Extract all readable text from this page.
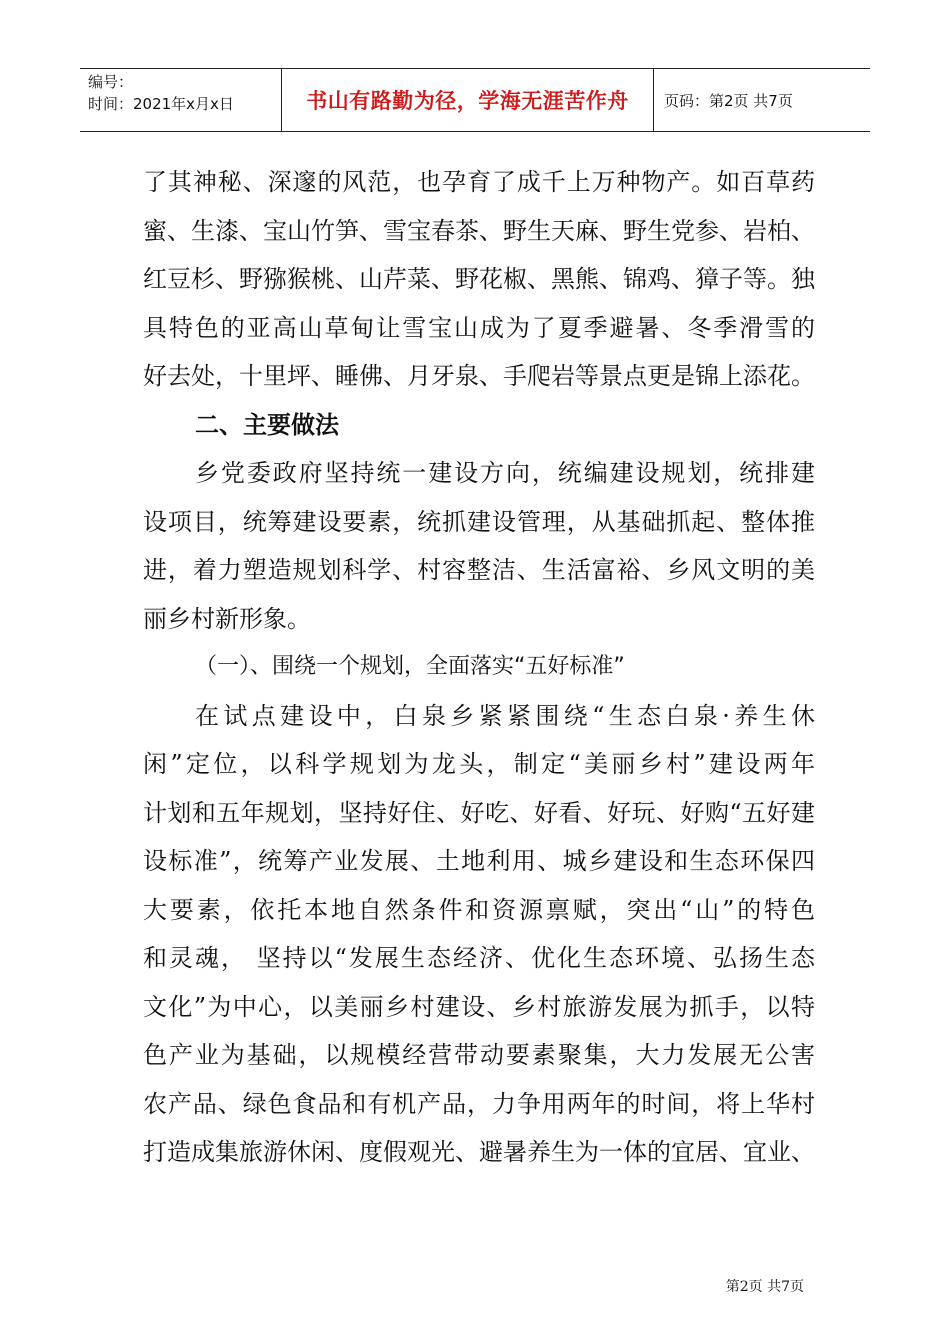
编号：
时间：2021年x月x日	书山有路勤为径，学海无涯苦作舟 页码：第2页 共7页
了其神秘、深邃的风范，也孕育了成千上万种物产。如百草药
蜜、生漆、宝山竹笋、雪宝春茶、野生天麻、野生党参、岩柏、
红豆杉、野猕猴桃、山芹菜、野花椒、黑熊、锦鸡、獐子等。独
具特色的亚高山草甸让雪宝山成为了夏季避暑、冬季滑雪的
好去处，十里坪、睡佛、月牙泉、手爬岩等景点更是锦上添花。
二、主要做法
乡党委政府坚持统一建设方向，统编建设规划，统排建
设项目，统筹建设要素，统抓建设管理，从基础抓起、整体推
进，着力塑造规划科学、村容整洁、生活富裕、乡风文明的美
丽乡村新形象。
（一）、围绕一个规划，全面落实“五好标准”
在试点建设中，白泉乡紧紧围绕“生态白泉·养生休
闲”定位，以科学规划为龙头，制定“美丽乡村”建设两年
计划和五年规划，坚持好住、好吃、好看、好玩、好购“五好建
设标准”，统筹产业发展、土地利用、城乡建设和生态环保四
大要素，依托本地自然条件和资源禀赋，突出“山”的特色
和灵魂， 坚持以“发展生态经济、优化生态环境、弘扬生态
文化”为中心，以美丽乡村建设、乡村旅游发展为抓手，以特
色产业为基础，以规模经营带动要素聚集，大力发展无公害
农产品、绿色食品和有机产品，力争用两年的时间，将上华村
打造成集旅游休闲、度假观光、避暑养生为一体的宜居、宜业、
第2页 共7页
